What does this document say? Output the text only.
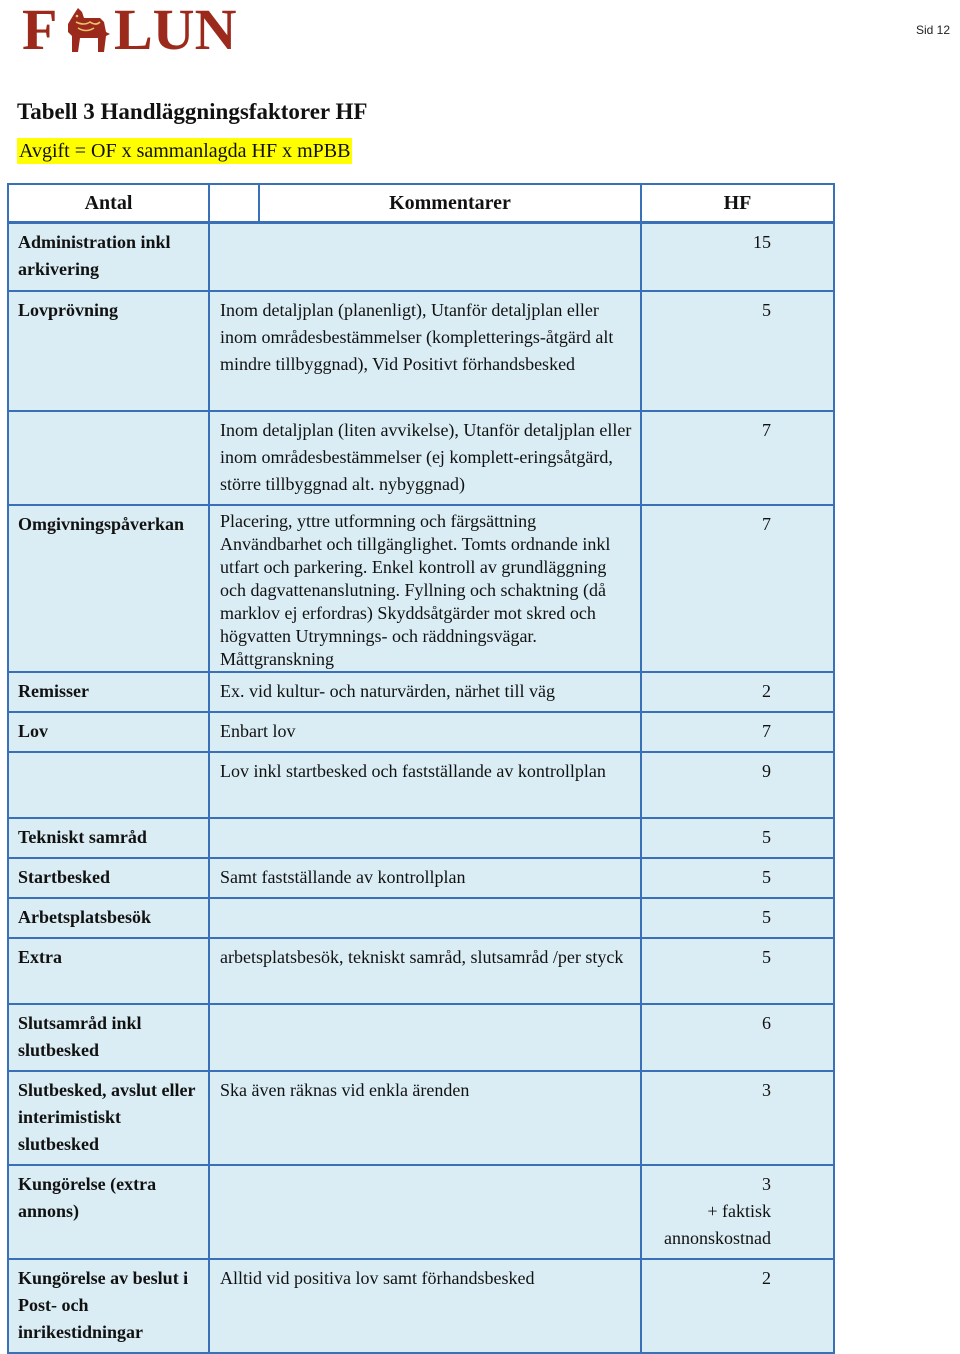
F LUN	Sid 12
Tabell 3 Handläggningsfaktorer HF
Avgift = OF x sammanlagda HF x mPBB
Antal	Kommentarer	HF
Administration inkl arkivering		15
Lovprövning	Inom detaljplan (planenligt), Utanför detaljplan eller inom områdesbestämmelser (kompletterings-åtgärd alt mindre tillbyggnad), Vid Positivt förhandsbesked	5
	Inom detaljplan (liten avvikelse), Utanför detaljplan eller inom områdesbestämmelser (ej komplett-eringsåtgärd, större tillbyggnad alt. nybyggnad)	7
Omgivningspåverkan	Placering, yttre utformning och färgsättning Användbarhet och tillgänglighet. Tomts ordnande inkl utfart och parkering. Enkel kontroll av grundläggning och dagvattenanslutning. Fyllning och schaktning (då marklov ej erfordras) Skyddsåtgärder mot skred och högvatten Utrymnings- och räddningsvägar. Måttgranskning	7
Remisser	Ex. vid kultur- och naturvärden, närhet till väg	2
Lov	Enbart lov	7
	Lov inkl startbesked och fastställande av kontrollplan	9
Tekniskt samråd		5
Startbesked	Samt fastställande av kontrollplan	5
Arbetsplatsbesök		5
Extra	arbetsplatsbesök, tekniskt samråd, slutsamråd /per styck	5
Slutsamråd inkl slutbesked		6
Slutbesked, avslut eller interimistiskt slutbesked	Ska även räknas vid enkla ärenden	3
Kungörelse (extra annons)		3
+ faktisk
annonskostnad
Kungörelse av beslut i Post- och inrikestidningar	Alltid vid positiva lov samt förhandsbesked	2
